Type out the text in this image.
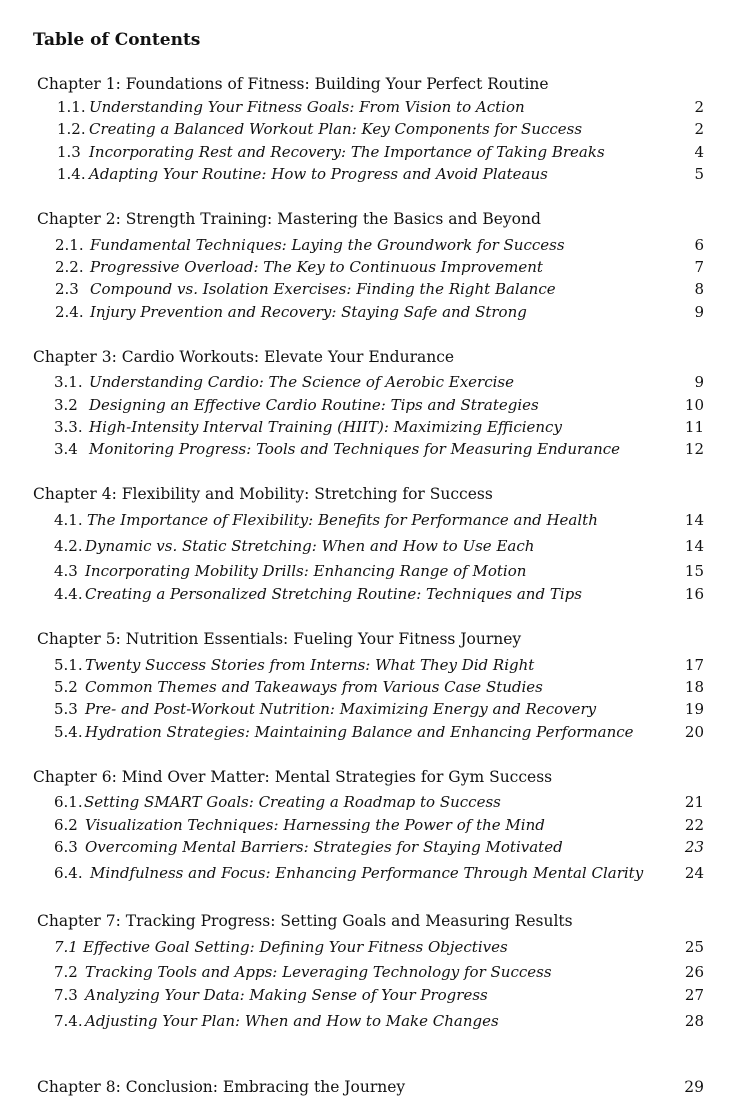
Table of Contents
Chapter 1: Foundations of Fitness: Building Your Perfect Routine
1.1. Understanding Your Fitness Goals: From Vision to Action	2
1.2. Creating a Balanced Workout Plan: Key Components for Success	2
1.3 Incorporating Rest and Recovery: The Importance of Taking Breaks	4
1.4. Adapting Your Routine: How to Progress and Avoid Plateaus	5
Chapter 2: Strength Training: Mastering the Basics and Beyond
2.1. Fundamental Techniques: Laying the Groundwork for Success	6
2.2. Progressive Overload: The Key to Continuous Improvement	7
2.3 Compound vs. Isolation Exercises: Finding the Right Balance	8
2.4. Injury Prevention and Recovery: Staying Safe and Strong	9
Chapter 3: Cardio Workouts: Elevate Your Endurance
3.1. Understanding Cardio: The Science of Aerobic Exercise	9
3.2 Designing an Effective Cardio Routine: Tips and Strategies	10
3.3. High-Intensity Interval Training (HIIT): Maximizing Efficiency	11
3.4 Monitoring Progress: Tools and Techniques for Measuring Endurance	12
Chapter 4: Flexibility and Mobility: Stretching for Success
4.1. The Importance of Flexibility: Benefits for Performance and Health	14
4.2. Dynamic vs. Static Stretching: When and How to Use Each	14
4.3 Incorporating Mobility Drills: Enhancing Range of Motion	15
4.4. Creating a Personalized Stretching Routine: Techniques and Tips	16
Chapter 5: Nutrition Essentials: Fueling Your Fitness Journey
5.1. Twenty Success Stories from Interns: What They Did Right	17
5.2 Common Themes and Takeaways from Various Case Studies	18
5.3 Pre- and Post-Workout Nutrition: Maximizing Energy and Recovery	19
5.4. Hydration Strategies: Maintaining Balance and Enhancing Performance	20
Chapter 6: Mind Over Matter: Mental Strategies for Gym Success
6.1. Setting SMART Goals: Creating a Roadmap to Success	21
6.2 Visualization Techniques: Harnessing the Power of the Mind	22
6.3 Overcoming Mental Barriers: Strategies for Staying Motivated	23
6.4. Mindfulness and Focus: Enhancing Performance Through Mental Clarity	24
Chapter 7: Tracking Progress: Setting Goals and Measuring Results
7.1 Effective Goal Setting: Defining Your Fitness Objectives	25
7.2 Tracking Tools and Apps: Leveraging Technology for Success	26
7.3 Analyzing Your Data: Making Sense of Your Progress	27
7.4. Adjusting Your Plan: When and How to Make Changes	28
Chapter 8: Conclusion: Embracing the Journey	29
